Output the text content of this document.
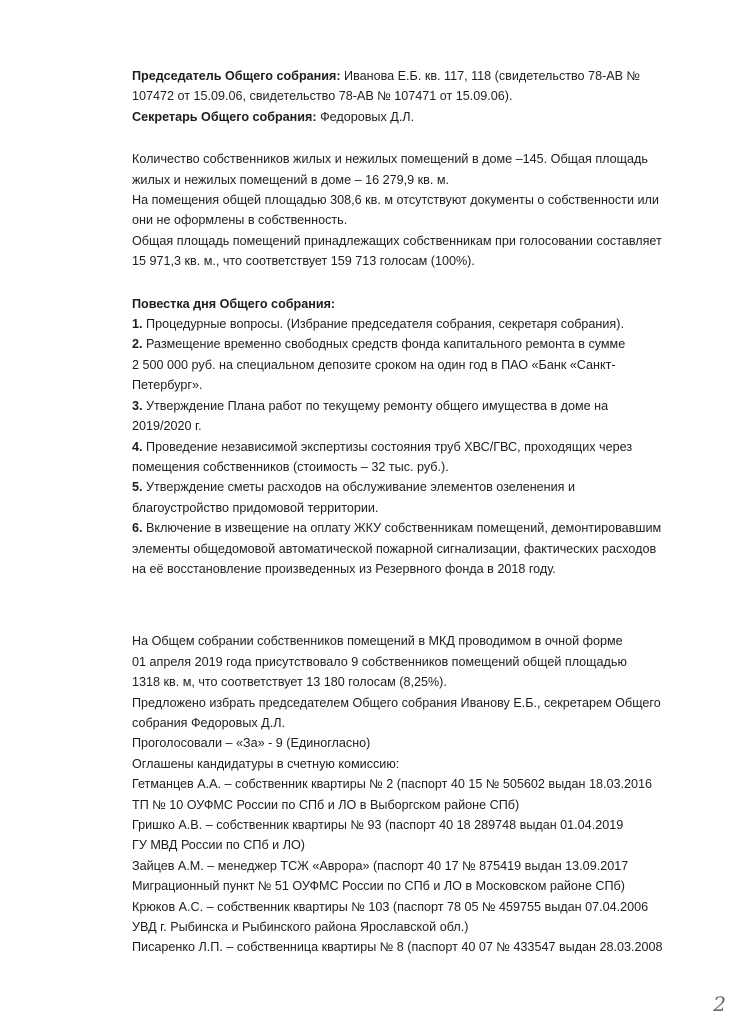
Председатель Общего собрания: Иванова Е.Б. кв. 117, 118 (свидетельство 78-АВ №
107472 от 15.09.06, свидетельство 78-АВ № 107471 от 15.09.06).
Секретарь Общего собрания: Федоровых Д.Л.
Количество собственников жилых и нежилых помещений в доме –145. Общая площадь
жилых и нежилых помещений в доме – 16 279,9 кв. м.
На помещения общей площадью 308,6 кв. м отсутствуют документы о собственности или
они не оформлены в собственность.
Общая площадь помещений принадлежащих собственникам при голосовании составляет
15 971,3 кв. м., что соответствует 159 713 голосам (100%).
Повестка дня Общего собрания:
1. Процедурные вопросы. (Избрание председателя собрания, секретаря собрания).
2. Размещение временно свободных средств фонда капитального ремонта в сумме
2 500 000 руб. на специальном депозите сроком на один год в ПАО «Банк «Санкт-
Петербург».
3. Утверждение Плана работ по текущему ремонту общего имущества в доме на
2019/2020 г.
4. Проведение независимой экспертизы состояния труб ХВС/ГВС, проходящих через
помещения собственников (стоимость – 32 тыс. руб.).
5. Утверждение сметы расходов на обслуживание элементов озеленения и
благоустройство придомовой территории.
6. Включение в извещение на оплату ЖКУ собственникам помещений, демонтировавшим
элементы общедомовой автоматической пожарной сигнализации, фактических расходов
на её восстановление произведенных из Резервного фонда в 2018 году.
На Общем собрании собственников помещений в МКД проводимом в очной форме
01 апреля 2019 года присутствовало 9 собственников помещений общей площадью
1318 кв. м, что соответствует 13 180 голосам (8,25%).
Предложено избрать председателем Общего собрания Иванову Е.Б., секретарем Общего
собрания Федоровых Д.Л.
Проголосовали – «За» - 9 (Единогласно)
Оглашены кандидатуры в счетную комиссию:
Гетманцев А.А. – собственник квартиры № 2 (паспорт 40 15 № 505602 выдан 18.03.2016
ТП № 10 ОУФМС России по СПб и ЛО в Выборгском районе СПб)
Гришко А.В. – собственник квартиры № 93 (паспорт 40 18 289748 выдан 01.04.2019
ГУ МВД России по СПб и ЛО)
Зайцев А.М. – менеджер ТСЖ «Аврора» (паспорт 40 17 № 875419 выдан 13.09.2017
Миграционный пункт № 51 ОУФМС России по СПб и ЛО в Московском районе СПб)
Крюков А.С. – собственник квартиры № 103 (паспорт 78 05 № 459755 выдан 07.04.2006
УВД г. Рыбинска и Рыбинского района Ярославской обл.)
Писаренко Л.П. – собственница квартиры № 8 (паспорт 40 07 № 433547 выдан 28.03.2008
2
